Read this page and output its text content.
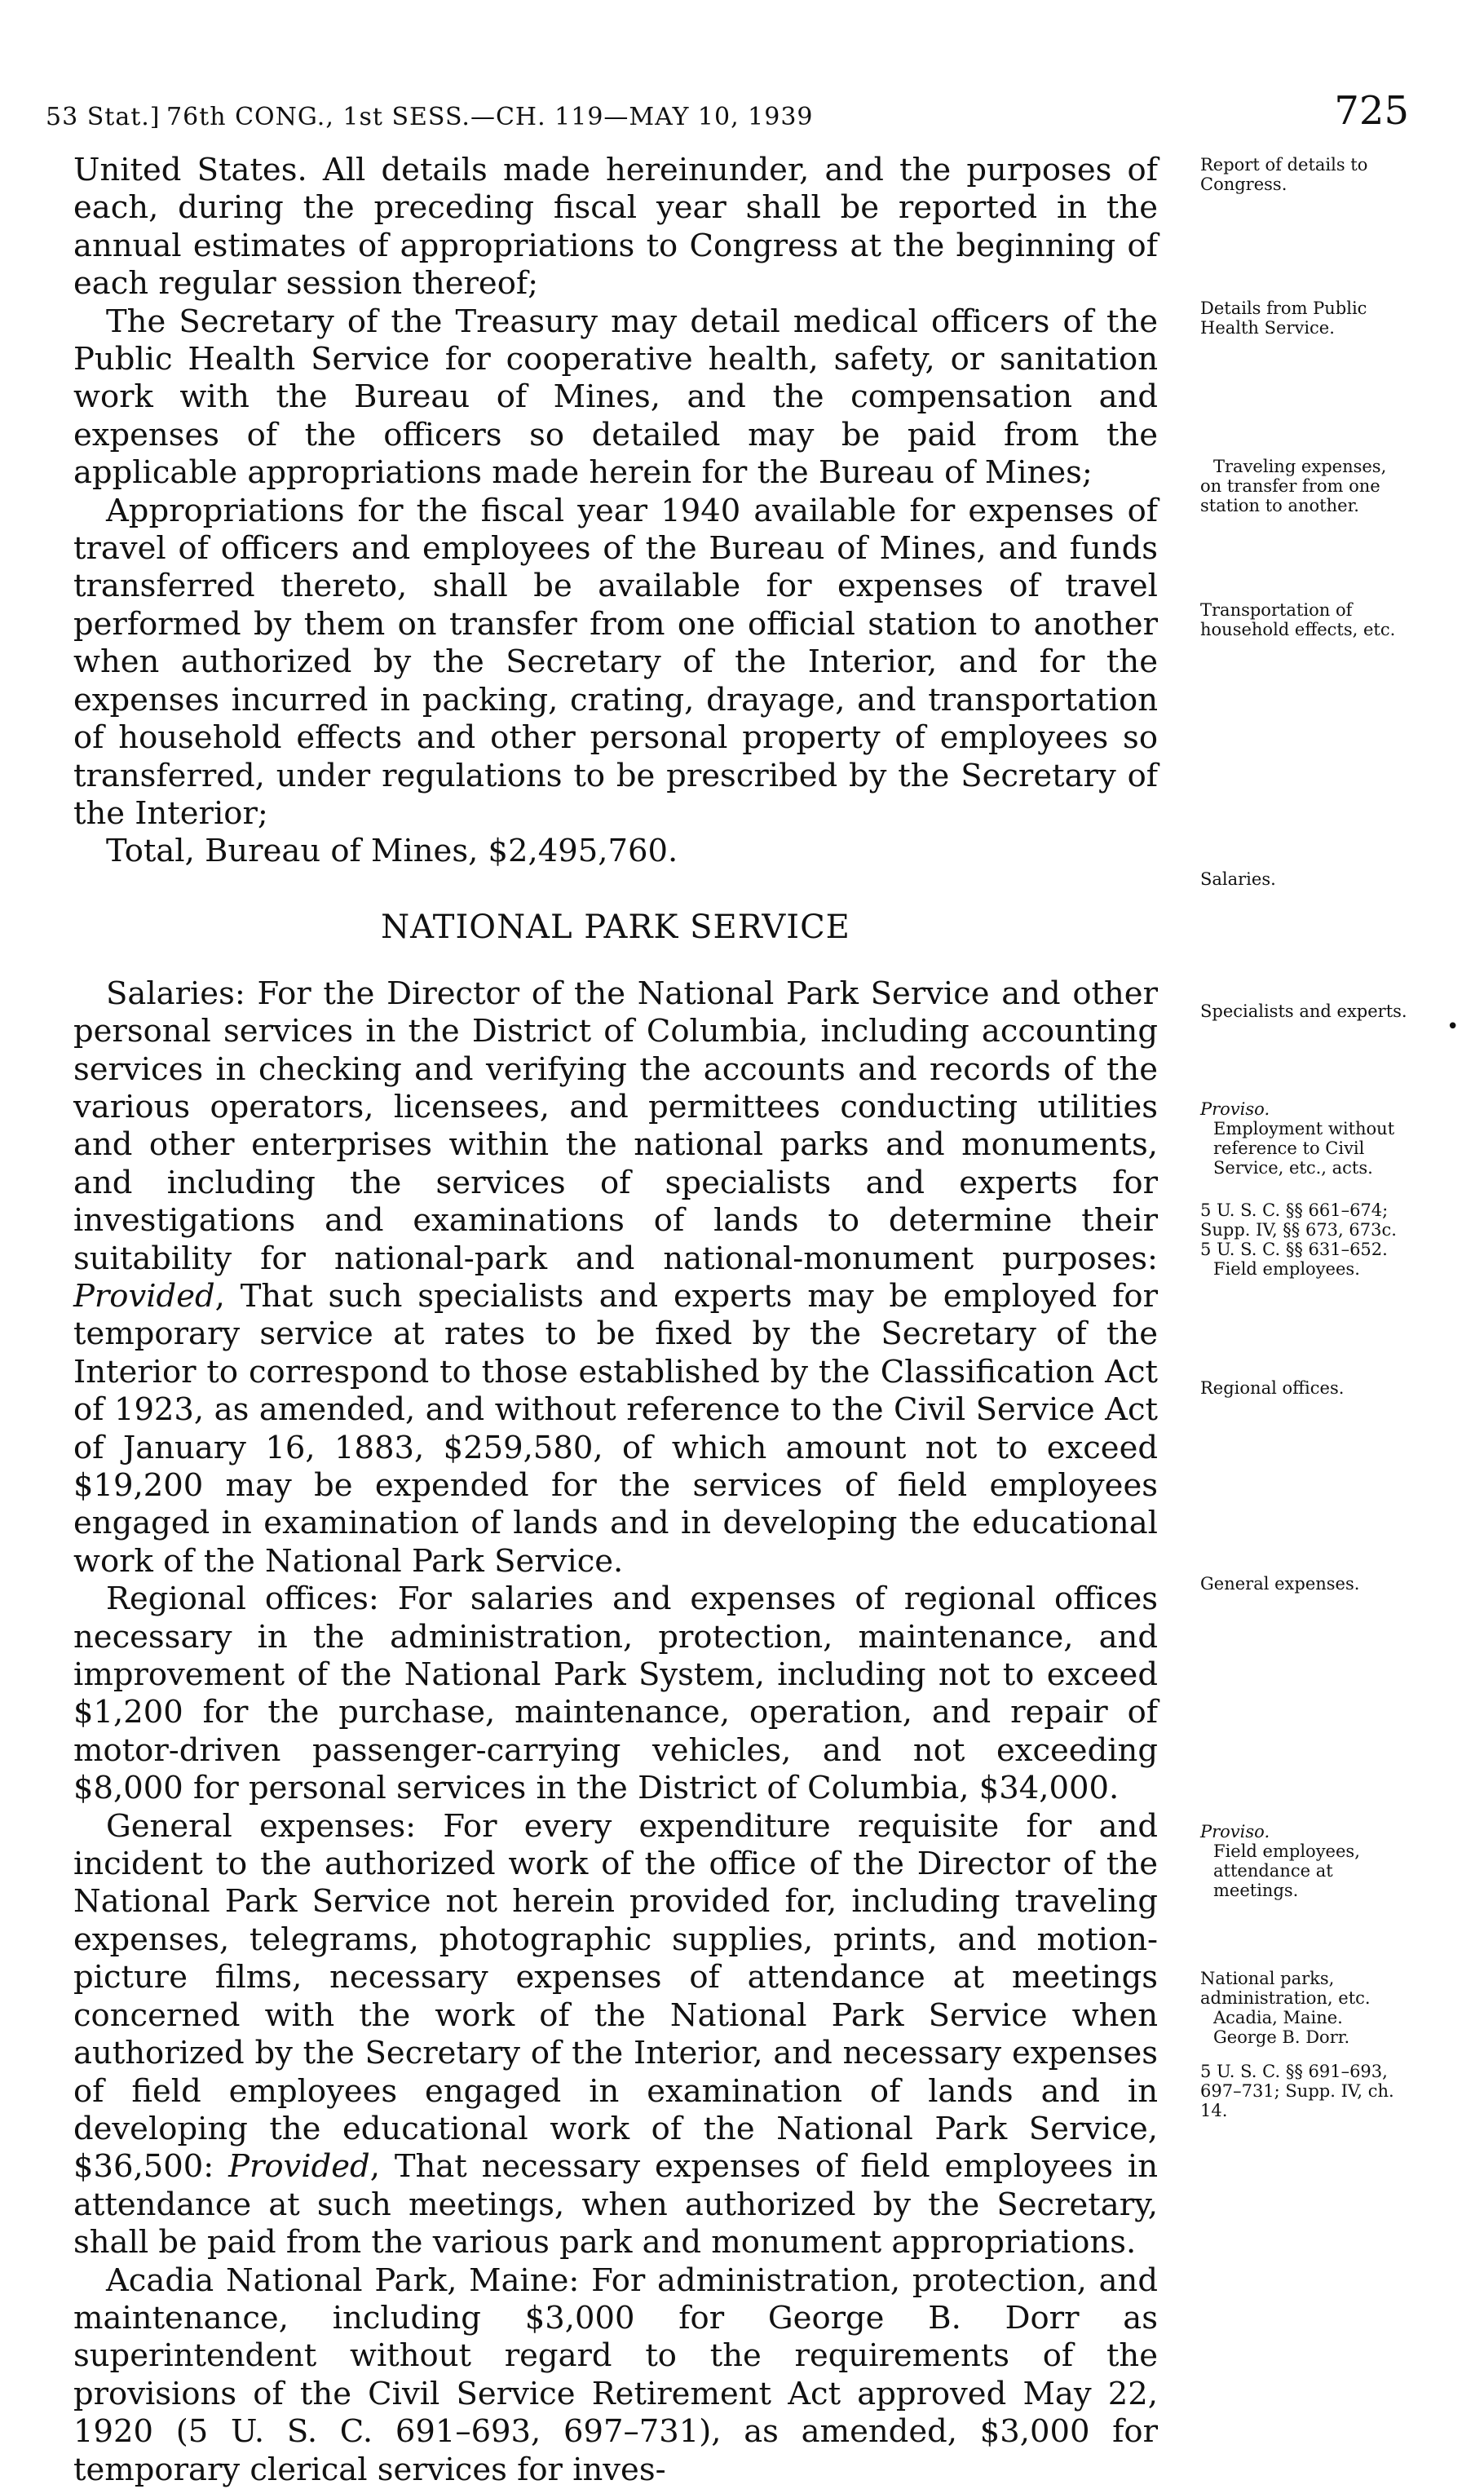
53 Stat.] 76th CONG., 1st SESS.—CH. 119—MAY 10, 1939	725

United States. All details made hereinunder, and the purposes of each, during the preceding fiscal year shall be reported in the annual estimates of appropriations to Congress at the beginning of each regular session thereof;

The Secretary of the Treasury may detail medical officers of the Public Health Service for cooperative health, safety, or sanitation work with the Bureau of Mines, and the compensation and expenses of the officers so detailed may be paid from the applicable appropriations made herein for the Bureau of Mines;

Appropriations for the fiscal year 1940 available for expenses of travel of officers and employees of the Bureau of Mines, and funds transferred thereto, shall be available for expenses of travel performed by them on transfer from one official station to another when authorized by the Secretary of the Interior, and for the expenses incurred in packing, crating, drayage, and transportation of household effects and other personal property of employees so transferred, under regulations to be prescribed by the Secretary of the Interior;

Total, Bureau of Mines, $2,495,760.

NATIONAL PARK SERVICE

Salaries: For the Director of the National Park Service and other personal services in the District of Columbia, including accounting services in checking and verifying the accounts and records of the various operators, licensees, and permittees conducting utilities and other enterprises within the national parks and monuments, and including the services of specialists and experts for investigations and examinations of lands to determine their suitability for national-park and national-monument purposes: Provided, That such specialists and experts may be employed for temporary service at rates to be fixed by the Secretary of the Interior to correspond to those established by the Classification Act of 1923, as amended, and without reference to the Civil Service Act of January 16, 1883, $259,580, of which amount not to exceed $19,200 may be expended for the services of field employees engaged in examination of lands and in developing the educational work of the National Park Service.

Regional offices: For salaries and expenses of regional offices necessary in the administration, protection, maintenance, and improvement of the National Park System, including not to exceed $1,200 for the purchase, maintenance, operation, and repair of motor-driven passenger-carrying vehicles, and not exceeding $8,000 for personal services in the District of Columbia, $34,000.

General expenses: For every expenditure requisite for and incident to the authorized work of the office of the Director of the National Park Service not herein provided for, including traveling expenses, telegrams, photographic supplies, prints, and motion-picture films, necessary expenses of attendance at meetings concerned with the work of the National Park Service when authorized by the Secretary of the Interior, and necessary expenses of field employees engaged in examination of lands and in developing the educational work of the National Park Service, $36,500: Provided, That necessary expenses of field employees in attendance at such meetings, when authorized by the Secretary, shall be paid from the various park and monument appropriations.

Acadia National Park, Maine: For administration, protection, and maintenance, including $3,000 for George B. Dorr as superintendent without regard to the requirements of the provisions of the Civil Service Retirement Act approved May 22, 1920 (5 U. S. C. 691–693, 697–731), as amended, $3,000 for temporary clerical services for inves-

Report of details to Congress.
Details from Public Health Service.
Traveling expenses,
on transfer from one station to another.
Transportation of household effects, etc.
Salaries.
Specialists and experts.
Proviso.
Employment without reference to Civil Service, etc., acts.
5 U. S. C. §§ 661–674;
Supp. IV, §§ 673, 673c.
5 U. S. C. §§ 631–652.
Field employees.
Regional offices.
General expenses.
Proviso.
Field employees, attendance at meetings.
National parks, administration, etc.
Acadia, Maine.
George B. Dorr.
5 U. S. C. §§ 691–693, 697–731; Supp. IV, ch. 14.
•
